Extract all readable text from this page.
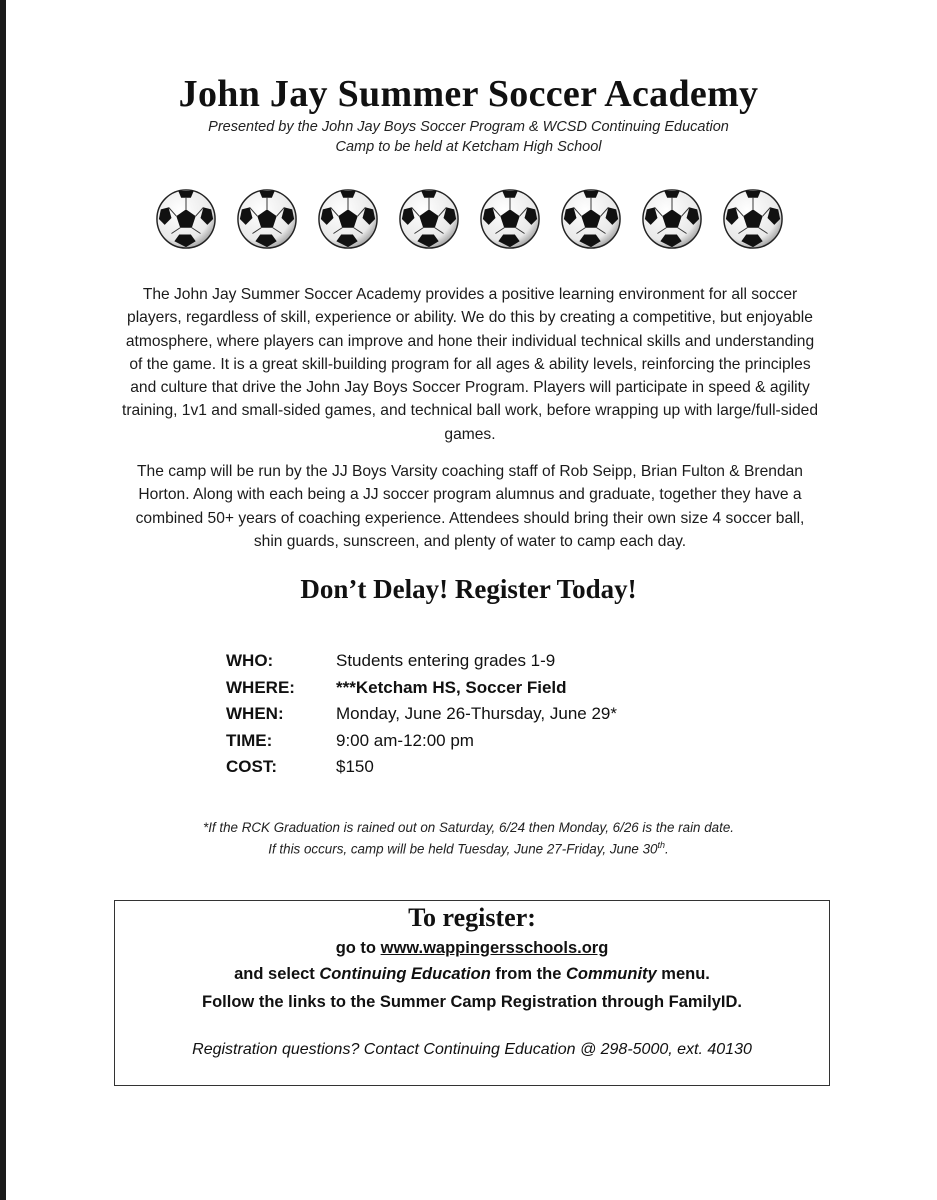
John Jay Summer Soccer Academy
Presented by the John Jay Boys Soccer Program & WCSD Continuing Education
Camp to be held at Ketcham High School
The John Jay Summer Soccer Academy provides a positive learning environment for all soccer players, regardless of skill, experience or ability. We do this by creating a competitive, but enjoyable atmosphere, where players can improve and hone their individual technical skills and understanding of the game. It is a great skill-building program for all ages & ability levels, reinforcing the principles and culture that drive the John Jay Boys Soccer Program. Players will participate in speed & agility training, 1v1 and small-sided games, and technical ball work, before wrapping up with large/full-sided games.
The camp will be run by the JJ Boys Varsity coaching staff of Rob Seipp, Brian Fulton & Brendan Horton. Along with each being a JJ soccer program alumnus and graduate, together they have a combined 50+ years of coaching experience. Attendees should bring their own size 4 soccer ball, shin guards, sunscreen, and plenty of water to camp each day.
Don’t Delay! Register Today!
WHO:	Students entering grades 1-9
WHERE: ***Ketcham HS, Soccer Field
WHEN:	Monday, June 26-Thursday, June 29*
TIME:	9:00 am-12:00 pm
COST:	$150
*If the RCK Graduation is rained out on Saturday, 6/24 then Monday, 6/26 is the rain date.
If this occurs, camp will be held Tuesday, June 27-Friday, June 30th.
To register:
go to www.wappingersschools.org
and select Continuing Education from the Community menu.
Follow the links to the Summer Camp Registration through FamilyID.
Registration questions? Contact Continuing Education @ 298-5000, ext. 40130
